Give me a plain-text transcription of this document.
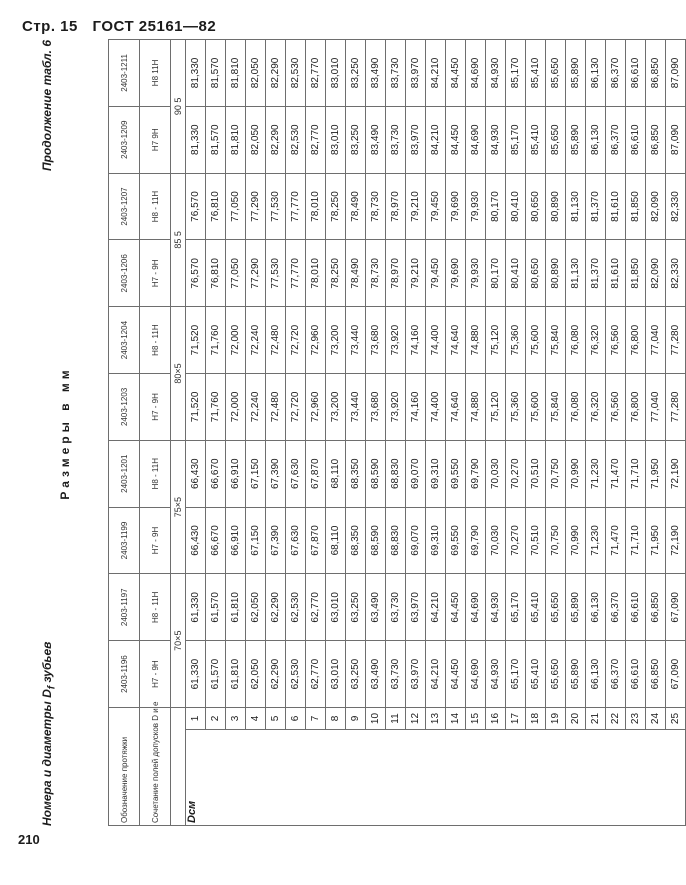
Стр. 15 ГОСТ 25161—82
Номера и диаметры $D_f$ зубьев
Продолжение табл. 6
Размеры в мм
Обозначение протяжки		2403-1196	2403-1197	2403-1199	2403-1201	2403-1203	2403-1204	2403-1206	2403-1207	2403-1209	2403-1211
Сочетание полей допусков D и e		H7 - 9H	H8 - 11H	H7 - 9H	H8 - 11H	H7 - 9H	H8 - 11H	H7 - 9H	H8 - 11H	H7 9H	H8 11H
		70×5		75×5		80×5		85 5		90 5	
Dcм	1	61,330	61,330	66,430	66,430	71,520	71,520	76,570	76,570	81,330	81,330
	2	61,570	61,570	66,670	66,670	71,760	71,760	76,810	76,810	81,570	81,570
	3	61,810	61,810	66,910	66,910	72,000	72,000	77,050	77,050	81,810	81,810
	4	62,050	62,050	67,150	67,150	72,240	72,240	77,290	77,290	82,050	82,050
	5	62,290	62,290	67,390	67,390	72,480	72,480	77,530	77,530	82,290	82,290
	6	62,530	62,530	67,630	67,630	72,720	72,720	77,770	77,770	82,530	82,530
	7	62,770	62,770	67,870	67,870	72,960	72,960	78,010	78,010	82,770	82,770
	8	63,010	63,010	68,110	68,110	73,200	73,200	78,250	78,250	83,010	83,010
	9	63,250	63,250	68,350	68,350	73,440	73,440	78,490	78,490	83,250	83,250
	10	63,490	63,490	68,590	68,590	73,680	73,680	78,730	78,730	83,490	83,490
	11	63,730	63,730	68,830	68,830	73,920	73,920	78,970	78,970	83,730	83,730
	12	63,970	63,970	69,070	69,070	74,160	74,160	79,210	79,210	83,970	83,970
	13	64,210	64,210	69,310	69,310	74,400	74,400	79,450	79,450	84,210	84,210
	14	64,450	64,450	69,550	69,550	74,640	74,640	79,690	79,690	84,450	84,450
	15	64,690	64,690	69,790	69,790	74,880	74,880	79,930	79,930	84,690	84,690
	16	64,930	64,930	70,030	70,030	75,120	75,120	80,170	80,170	84,930	84,930
	17	65,170	65,170	70,270	70,270	75,360	75,360	80,410	80,410	85,170	85,170
	18	65,410	65,410	70,510	70,510	75,600	75,600	80,650	80,650	85,410	85,410
	19	65,650	65,650	70,750	70,750	75,840	75,840	80,890	80,890	85,650	85,650
	20	65,890	65,890	70,990	70,990	76,080	76,080	81,130	81,130	85,890	85,890
	21	66,130	66,130	71,230	71,230	76,320	76,320	81,370	81,370	86,130	86,130
	22	66,370	66,370	71,470	71,470	76,560	76,560	81,610	81,610	86,370	86,370
	23	66,610	66,610	71,710	71,710	76,800	76,800	81,850	81,850	86,610	86,610
	24	66,850	66,850	71,950	71,950	77,040	77,040	82,090	82,090	86,850	86,850
	25	67,090	67,090	72,190	72,190	77,280	77,280	82,330	82,330	87,090	87,090
210
